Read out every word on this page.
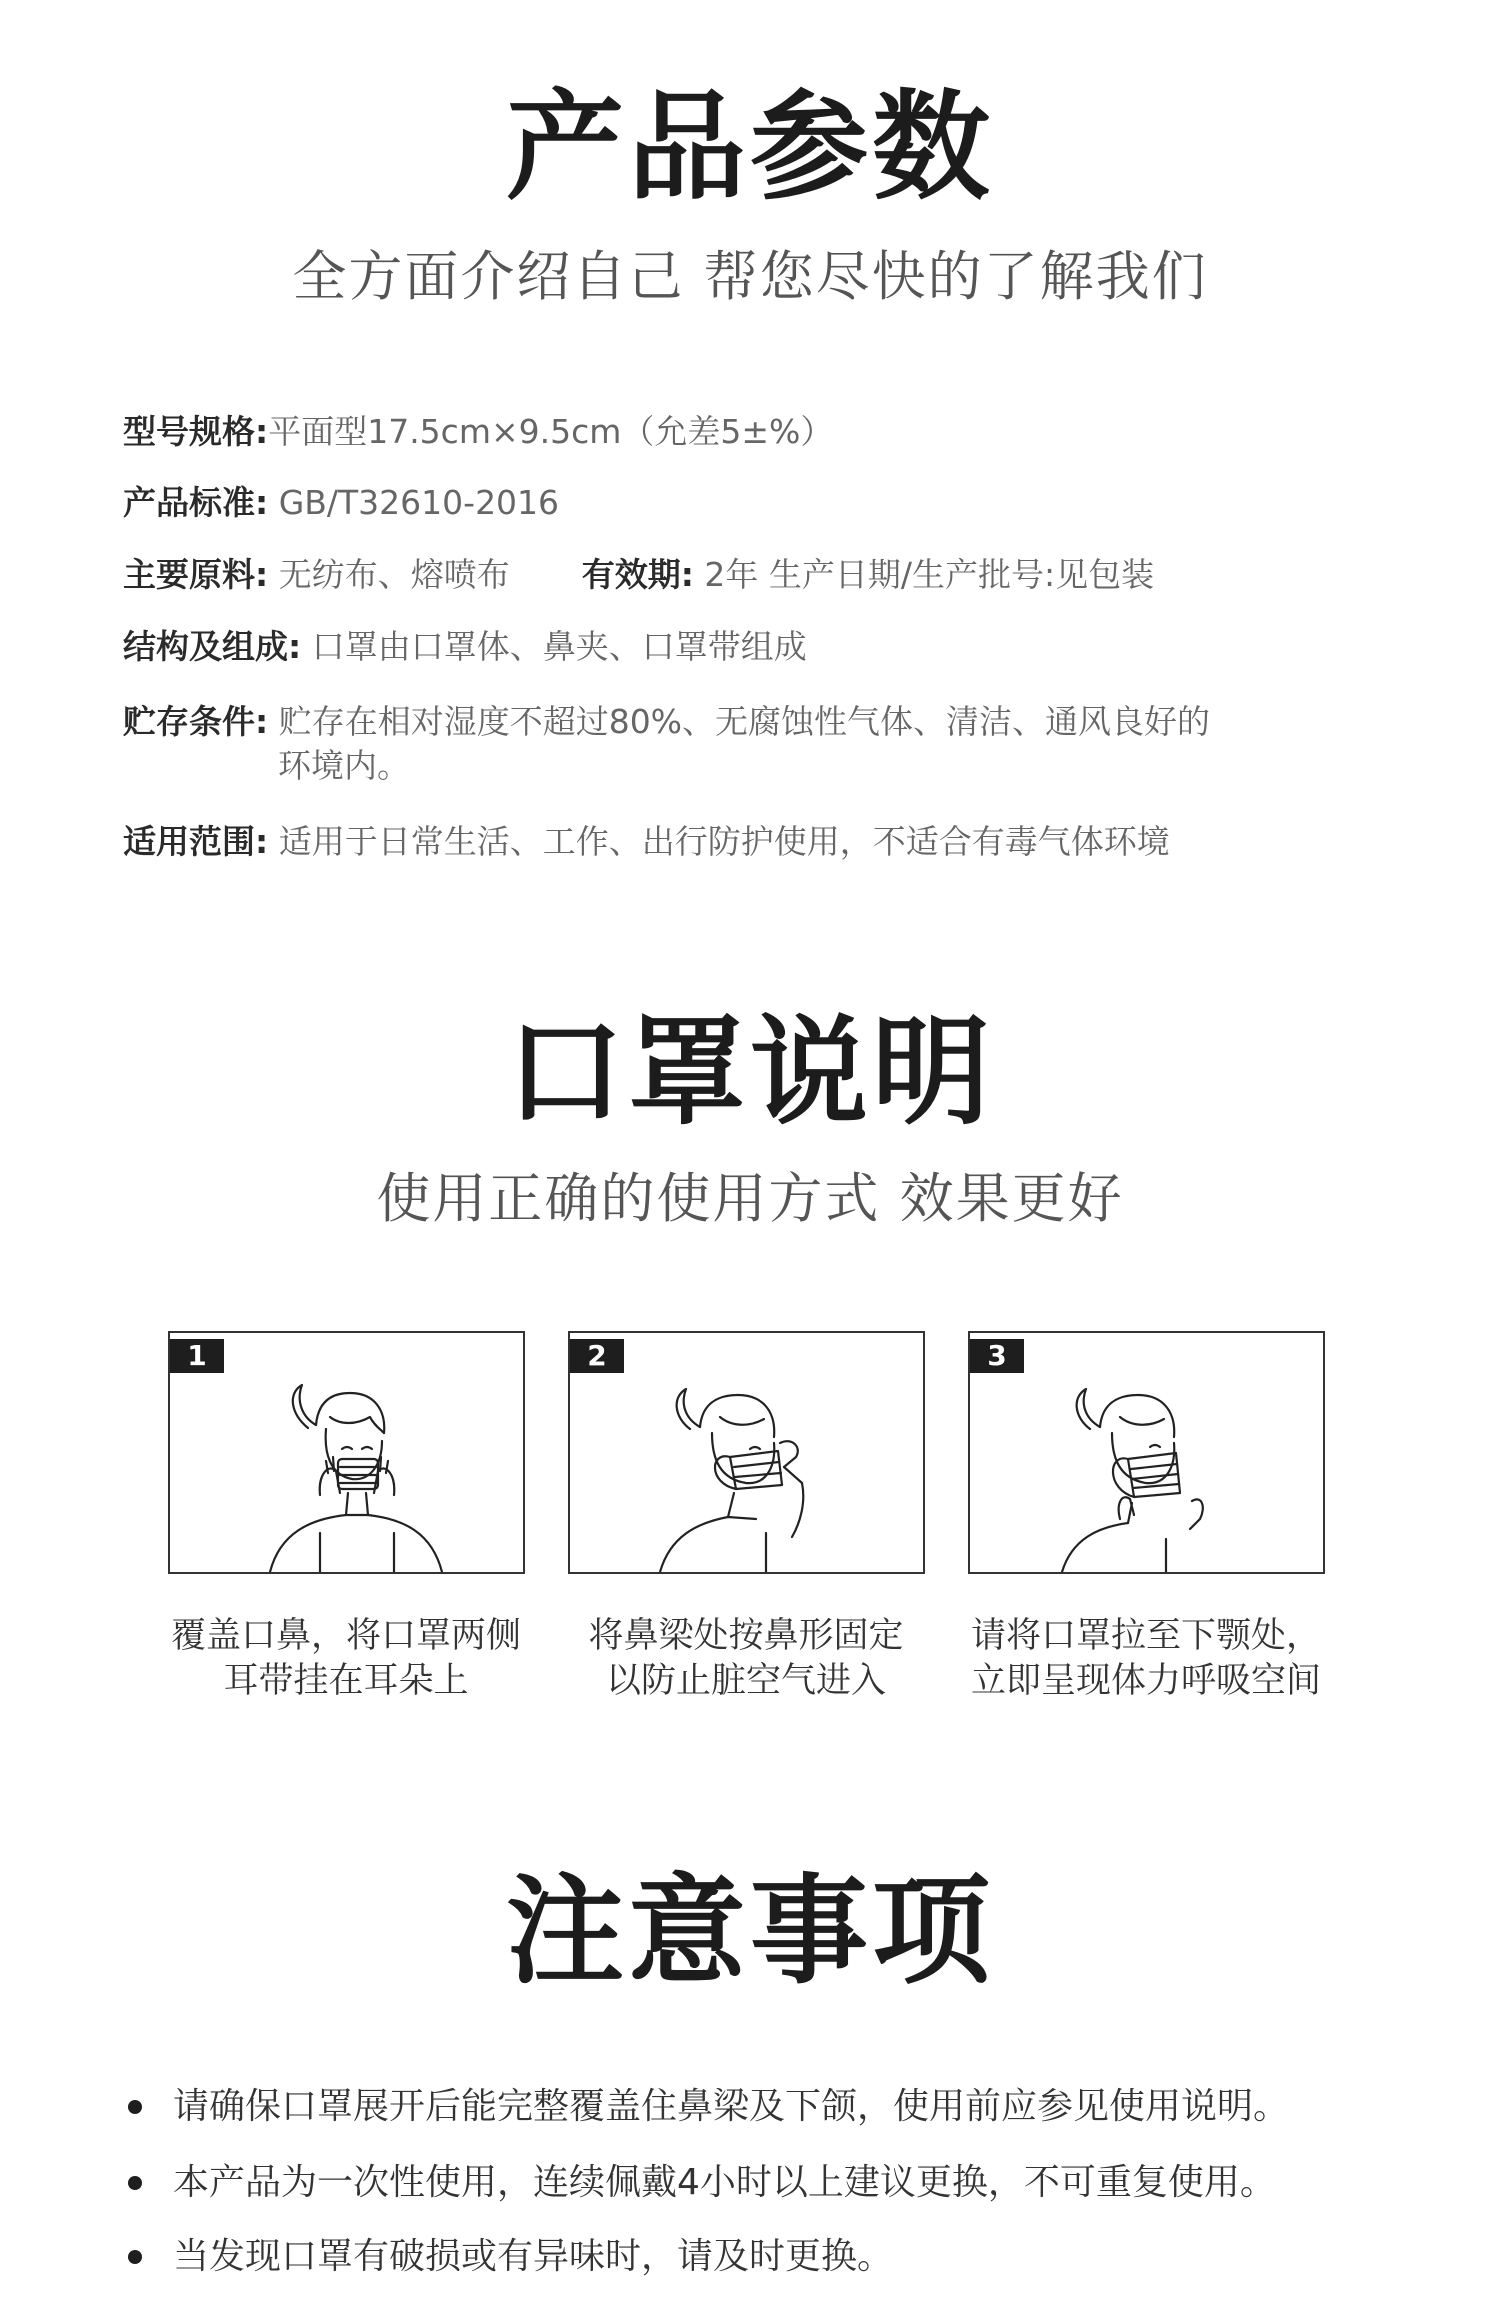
产品参数
全方面介绍自己 帮您尽快的了解我们
型号规格:平面型17.5cm×9.5cm（允差5±%）
产品标准: GB/T32610-2016
主要原料: 无纺布、熔喷布 有效期: 2年 生产日期/生产批号:见包装
结构及组成: 口罩由口罩体、鼻夹、口罩带组成
贮存条件: 贮存在相对湿度不超过80%、无腐蚀性气体、清洁、通风良好的
环境内。
适用范围: 适用于日常生活、工作、出行防护使用，不适合有毒气体环境
口罩说明
使用正确的使用方式 效果更好
1	2	3
覆盖口鼻，将口罩两侧
耳带挂在耳朵上
将鼻梁处按鼻形固定
以防止脏空气进入
请将口罩拉至下颚处，
立即呈现体力呼吸空间
注意事项
请确保口罩展开后能完整覆盖住鼻梁及下颌，使用前应参见使用说明。
本产品为一次性使用，连续佩戴4小时以上建议更换，不可重复使用。
当发现口罩有破损或有异味时，请及时更换。
